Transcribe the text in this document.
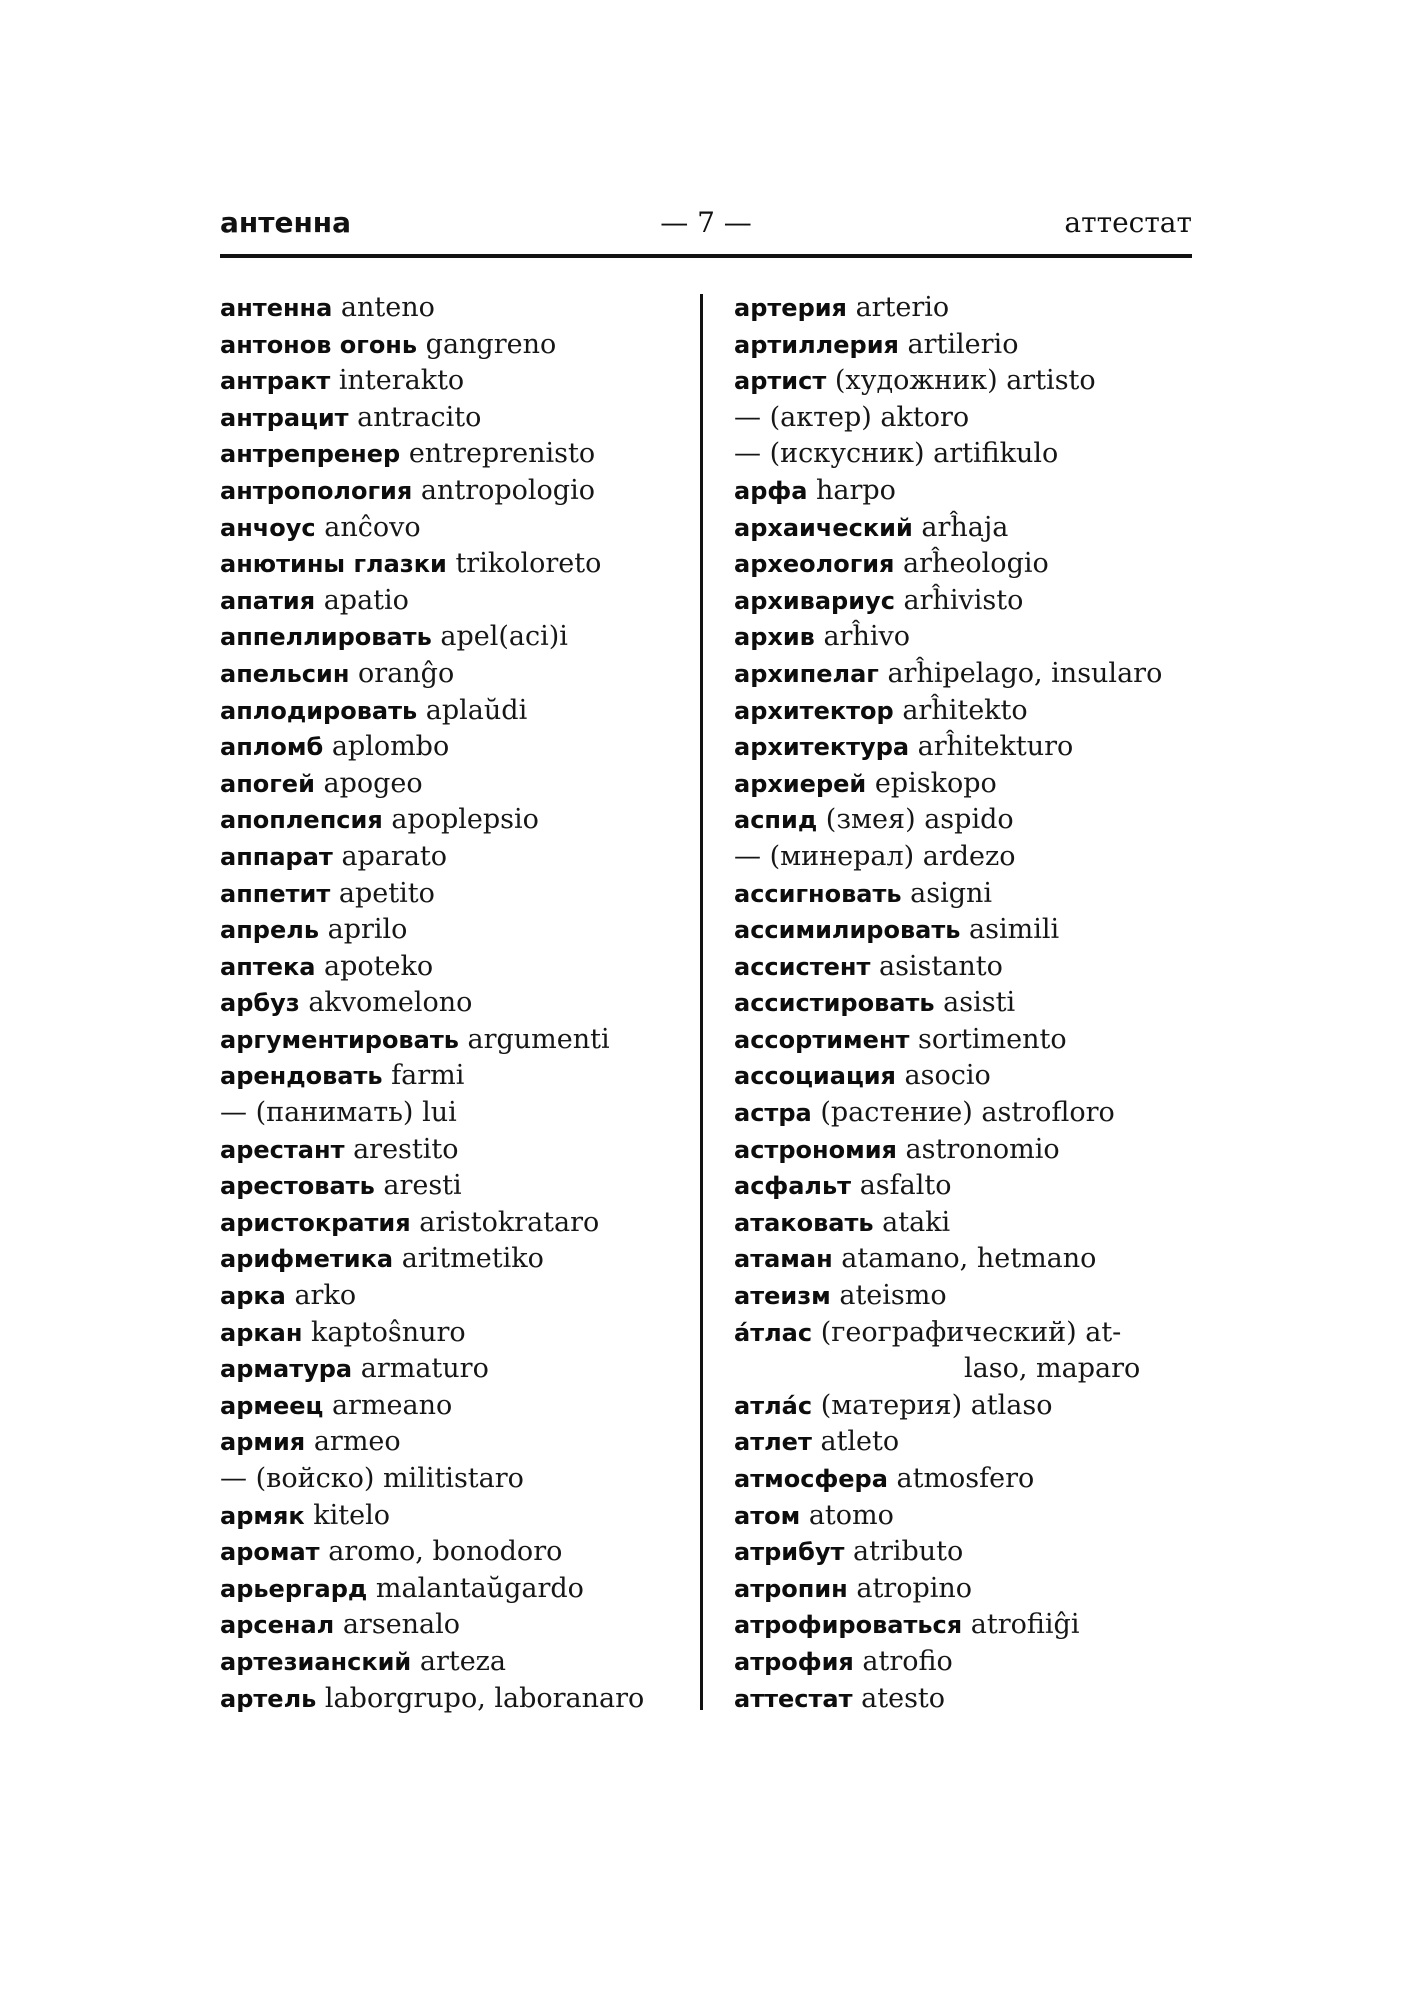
— 7 —
антенна	аттестат
антенна anteno
антонов огонь gangreno
антракт interakto
антрацит antracito
антрепренер entreprenisto
антропология antropologio
анчоус anĉovo
анютины глазки trikoloreto
апатия apatio
аппеллировать apel(aci)i
апельсин oranĝo
аплодировать aplaŭdi
апломб aplombo
апогей apogeo
апоплепсия apoplepsio
аппарат aparato
аппетит apetito
апрель aprilo
аптека apoteko
арбуз akvomelono
аргументировать argumenti
арендовать farmi
— (панимать) lui
арестант arestito
арестовать aresti
аристократия aristokrataro
арифметика aritmetiko
арка arko
аркан kaptoŝnuro
арматура armaturo
армеец armeano
армия armeo
— (войско) militistaro
армяк kitelo
аромат aromo, bonodoro
арьергард malantaŭgardo
арсенал arsenalo
артезианский arteza
артель laborgrupo, laboranaro
артерия arterio
артиллерия artilerio
артист (художник) artisto
— (актер) aktoro
— (искусник) artifikulo
арфа harpo
архаический arĥaja
археология arĥeologio
архивариус arĥivisto
архив arĥivo
архипелаг arĥipelago, insularo
архитектор arĥitekto
архитектура arĥitekturo
архиерей episkopo
аспид (змея) aspido
— (минерал) ardezo
ассигновать asigni
ассимилировать asimili
ассистент asistanto
ассистировать asisti
ассортимент sortimento
ассоциация asocio
астра (растение) astrofloro
астрономия astronomio
асфальт asfalto
атаковать ataki
атаман atamano, hetmano
атеизм ateismo
áтлас (географический) at-
laso, maparo
атлáс (материя) atlaso
атлет atleto
атмосфера atmosfero
атом atomo
атрибут atributo
атропин atropino
атрофироваться atrofiiĝi
атрофия atrofio
аттестат atesto
